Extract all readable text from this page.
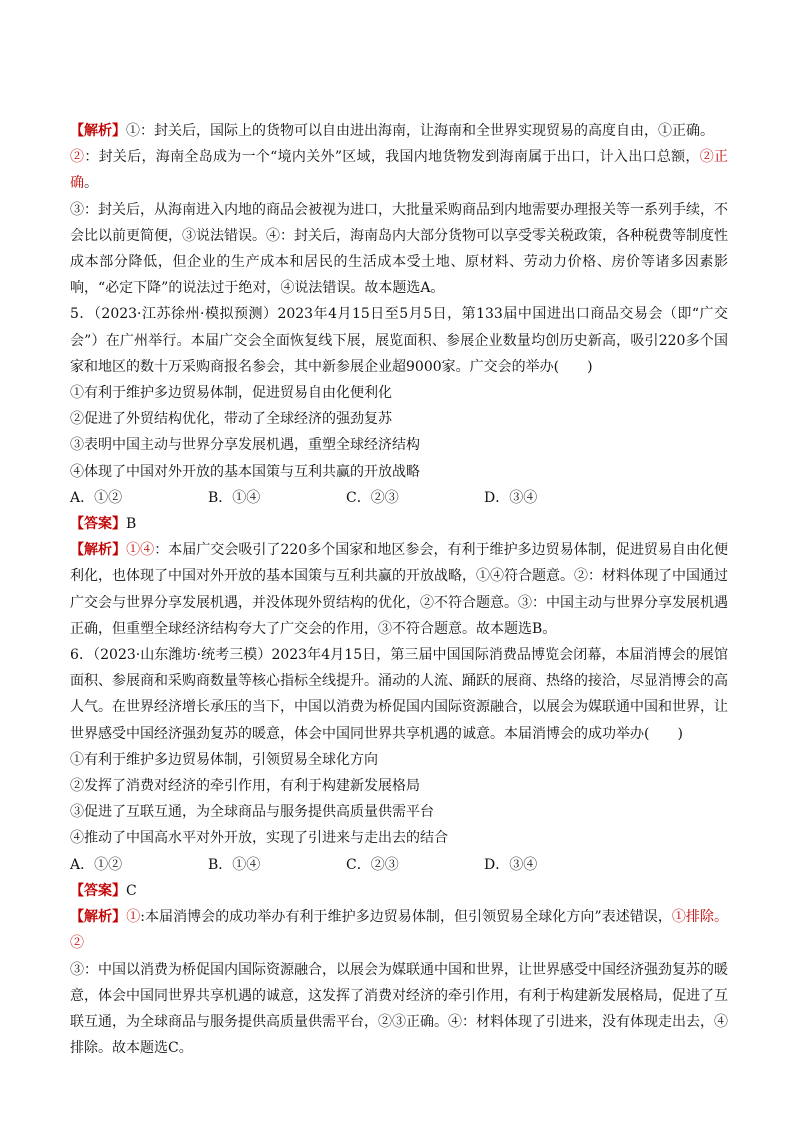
【解析】①：封关后，国际上的货物可以自由进出海南，让海南和全世界实现贸易的高度自由，①正确。
②：封关后，海南全岛成为一个“境内关外”区域，我国内地货物发到海南属于出口，计入出口总额，②正确。
③：封关后，从海南进入内地的商品会被视为进口，大批量采购商品到内地需要办理报关等一系列手续，不会比以前更简便，③说法错误。④：封关后，海南岛内大部分货物可以享受零关税政策，各种税费等制度性成本部分降低，但企业的生产成本和居民的生活成本受土地、原材料、劳动力价格、房价等诸多因素影响，“必定下降”的说法过于绝对，④说法错误。故本题选A。

5．（2023·江苏徐州·模拟预测）2023年4月15日至5月5日，第133届中国进出口商品交易会（即“广交会”）在广州举行。本届广交会全面恢复线下展，展览面积、参展企业数量均创历史新高，吸引220多个国家和地区的数十万采购商报名参会，其中新参展企业超9000家。广交会的举办(　　)

①有利于维护多边贸易体制，促进贸易自由化便利化

②促进了外贸结构优化，带动了全球经济的强劲复苏

③表明中国主动与世界分享发展机遇，重塑全球经济结构

④体现了中国对外开放的基本国策与互利共赢的开放战略

A．①②	B．①④	C．②③	D．③④

【答案】B

【解析】①④：本届广交会吸引了220多个国家和地区参会，有利于维护多边贸易体制，促进贸易自由化便利化，也体现了中国对外开放的基本国策与互利共赢的开放战略，①④符合题意。②：材料体现了中国通过广交会与世界分享发展机遇，并没体现外贸结构的优化，②不符合题意。③：中国主动与世界分享发展机遇正确，但重塑全球经济结构夸大了广交会的作用，③不符合题意。故本题选B。

6．（2023·山东潍坊·统考三模）2023年4月15日，第三届中国国际消费品博览会闭幕，本届消博会的展馆面积、参展商和采购商数量等核心指标全线提升。涌动的人流、踊跃的展商、热络的接洽，尽显消博会的高人气。在世界经济增长承压的当下，中国以消费为桥促国内国际资源融合，以展会为媒联通中国和世界，让世界感受中国经济强劲复苏的暖意，体会中国同世界共享机遇的诚意。本届消博会的成功举办(　　)

①有利于维护多边贸易体制，引领贸易全球化方向

②发挥了消费对经济的牵引作用，有利于构建新发展格局

③促进了互联互通，为全球商品与服务提供高质量供需平台

④推动了中国高水平对外开放，实现了引进来与走出去的结合

A．①②	B．①④	C．②③	D．③④

【答案】C

【解析】①:本届消博会的成功举办有利于维护多边贸易体制，但引领贸易全球化方向”表述错误，①排除。②
③：中国以消费为桥促国内国际资源融合，以展会为媒联通中国和世界，让世界感受中国经济强劲复苏的暖意，体会中国同世界共享机遇的诚意，这发挥了消费对经济的牵引作用，有利于构建新发展格局，促进了互联互通，为全球商品与服务提供高质量供需平台，②③正确。④：材料体现了引进来，没有体现走出去，④排除。故本题选C。
